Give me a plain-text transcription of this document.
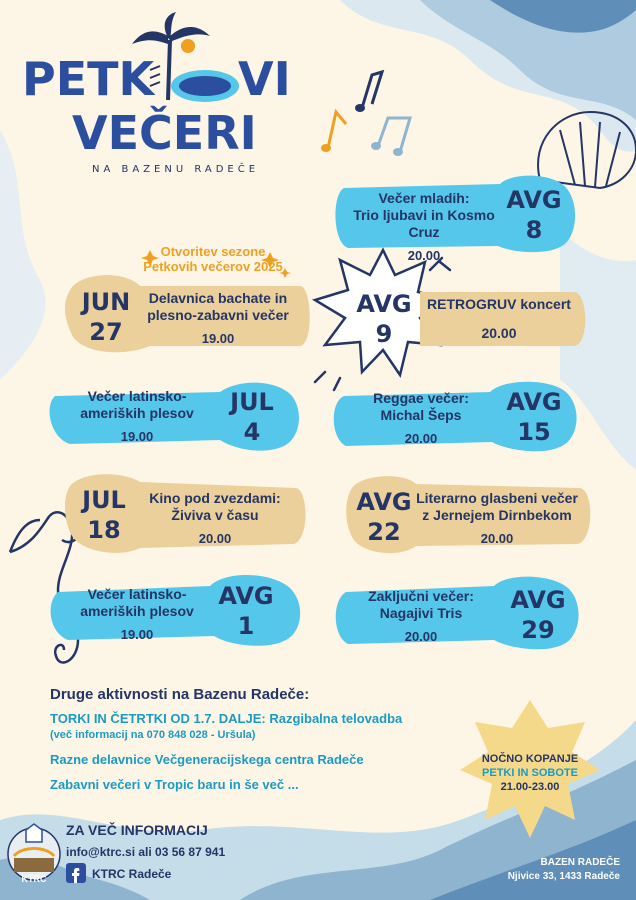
PETK VI
VEČERI
NA BAZENU RADEČE
Otvoritev sezone
Petkovih večerov 2025
JUN
27
Delavnica bachate in
plesno-zabavni večer
19.00
Večer latinsko-
ameriških plesov
19.00
JUL
4
JUL
18
Kino pod zvezdami:
Živiva v času
20.00
Večer latinsko-
ameriških plesov
19.00
AVG
1
Večer mladih:
Trio ljubavi in Kosmo Cruz
20.00
AVG
8
AVG
9
RETROGRUV koncert
20.00
Reggae večer:
Michal Šeps
20.00
AVG
15
AVG
22
Literarno glasbeni večer
z Jernejem Dirnbekom
20.00
Zaključni večer:
Nagajivi Tris
20.00
AVG
29
Druge aktivnosti na Bazenu Radeče:
TORKI IN ČETRTKI OD 1.7. DALJE: Razgibalna telovadba
(več informacij na 070 848 028 - Uršula)
Razne delavnice Večgeneracijskega centra Radeče
Zabavni večeri v Tropic baru in še več ...
NOČNO KOPANJE
PETKI IN SOBOTE
21.00-23.00
KTRC
ZA VEČ INFORMACIJ
info@ktrc.si ali 03 56 87 941
KTRC Radeče
BAZEN RADEČE
Njivice 33, 1433 Radeče
